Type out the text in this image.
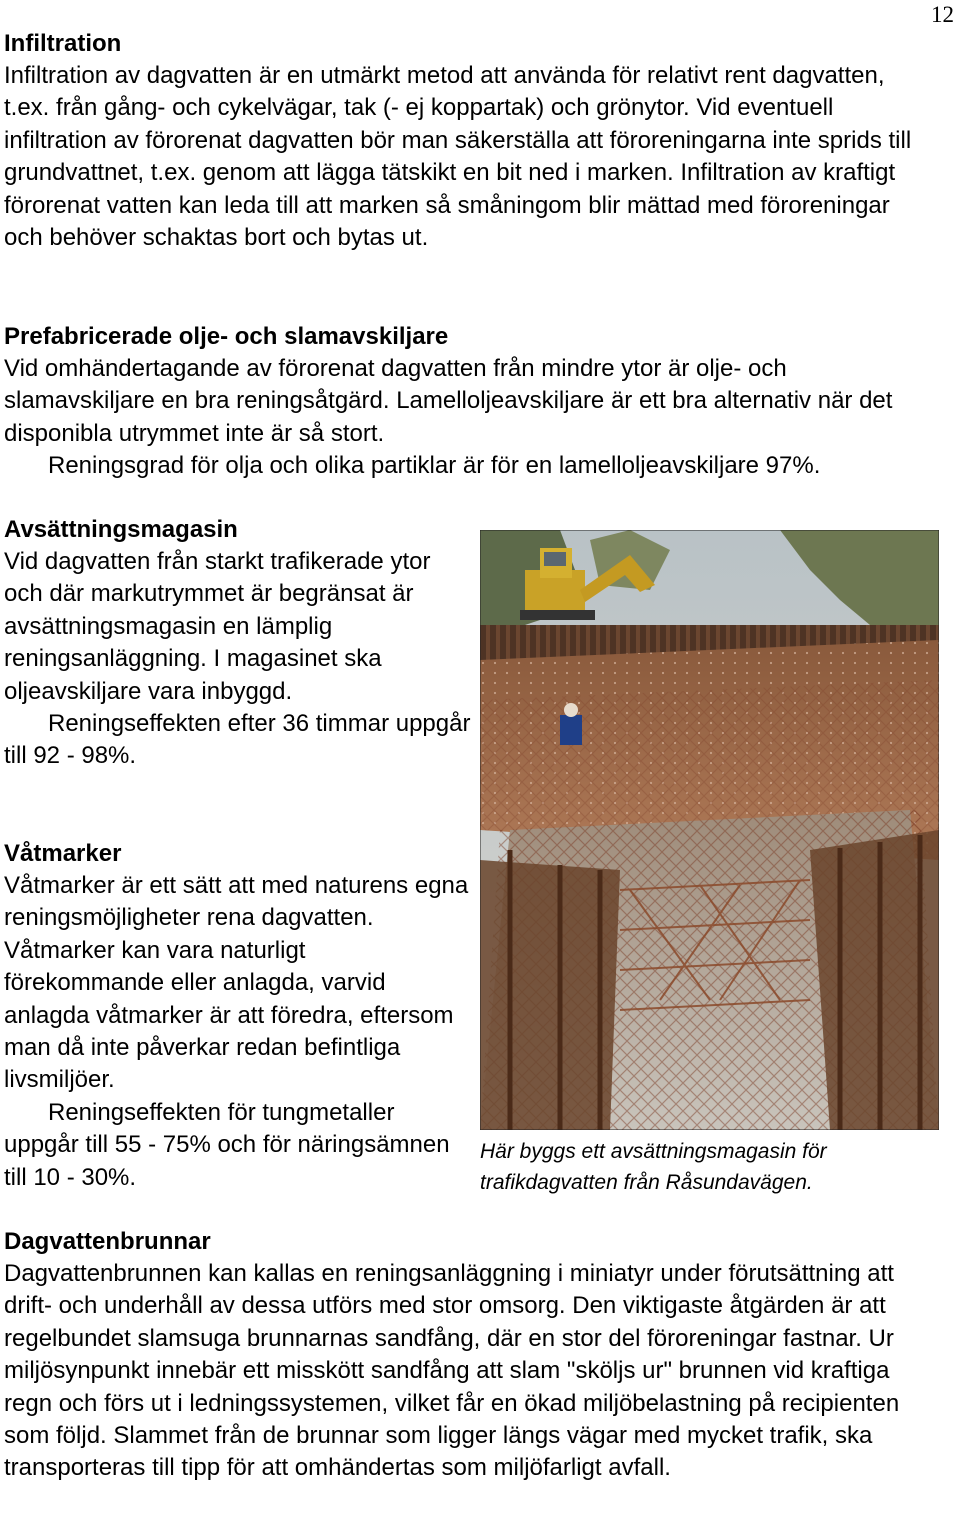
12
Infiltration

Infiltration av dagvatten är en utmärkt metod att använda för relativt rent dagvatten, t.ex. från gång- och cykelvägar, tak (- ej koppartak) och grönytor. Vid eventuell infiltration av förorenat dagvatten bör man säkerställa att föroreningarna inte sprids till grundvattnet, t.ex. genom att lägga tätskikt en bit ned i marken. Infiltration av kraftigt förorenat vatten kan leda till att marken så småningom blir mättad med föroreningar och behöver schaktas bort och bytas ut.

Prefabricerade olje- och slamavskiljare

Vid omhändertagande av förorenat dagvatten från mindre ytor är olje- och slamavskiljare en bra reningsåtgärd. Lamelloljeavskiljare är ett bra alternativ när det disponibla utrymmet inte är så stort.

Reningsgrad för olja och olika partiklar är för en lamelloljeavskiljare 97%.

Avsättningsmagasin

Vid dagvatten från starkt trafikerade ytor och där markutrymmet är begränsat är avsättningsmagasin en lämplig reningsanläggning. I magasinet ska oljeavskiljare vara inbyggd.

Reningseffekten efter 36 timmar uppgår till 92 - 98%.

Våtmarker

Våtmarker är ett sätt att med naturens egna reningsmöjligheter rena dagvatten. Våtmarker kan vara naturligt förekommande eller anlagda, varvid anlagda våtmarker är att föredra, eftersom man då inte påverkar redan befintliga livsmiljöer.

Reningseffekten för tungmetaller uppgår till 55 - 75% och för näringsämnen till 10 - 30%.

Här byggs ett avsättningsmagasin för trafikdagvatten från Råsundavägen.
Dagvattenbrunnar

Dagvattenbrunnen kan kallas en reningsanläggning i miniatyr under förutsättning att drift- och underhåll av dessa utförs med stor omsorg. Den viktigaste åtgärden är att regelbundet slamsuga brunnarnas sandfång, där en stor del föroreningar fastnar. Ur miljösynpunkt innebär ett misskött sandfång att slam "sköljs ur" brunnen vid kraftiga regn och förs ut i ledningssystemen, vilket får en ökad miljöbelastning på recipienten som följd. Slammet från de brunnar som ligger längs vägar med mycket trafik, ska transporteras till tipp för att omhändertas som miljöfarligt avfall.
